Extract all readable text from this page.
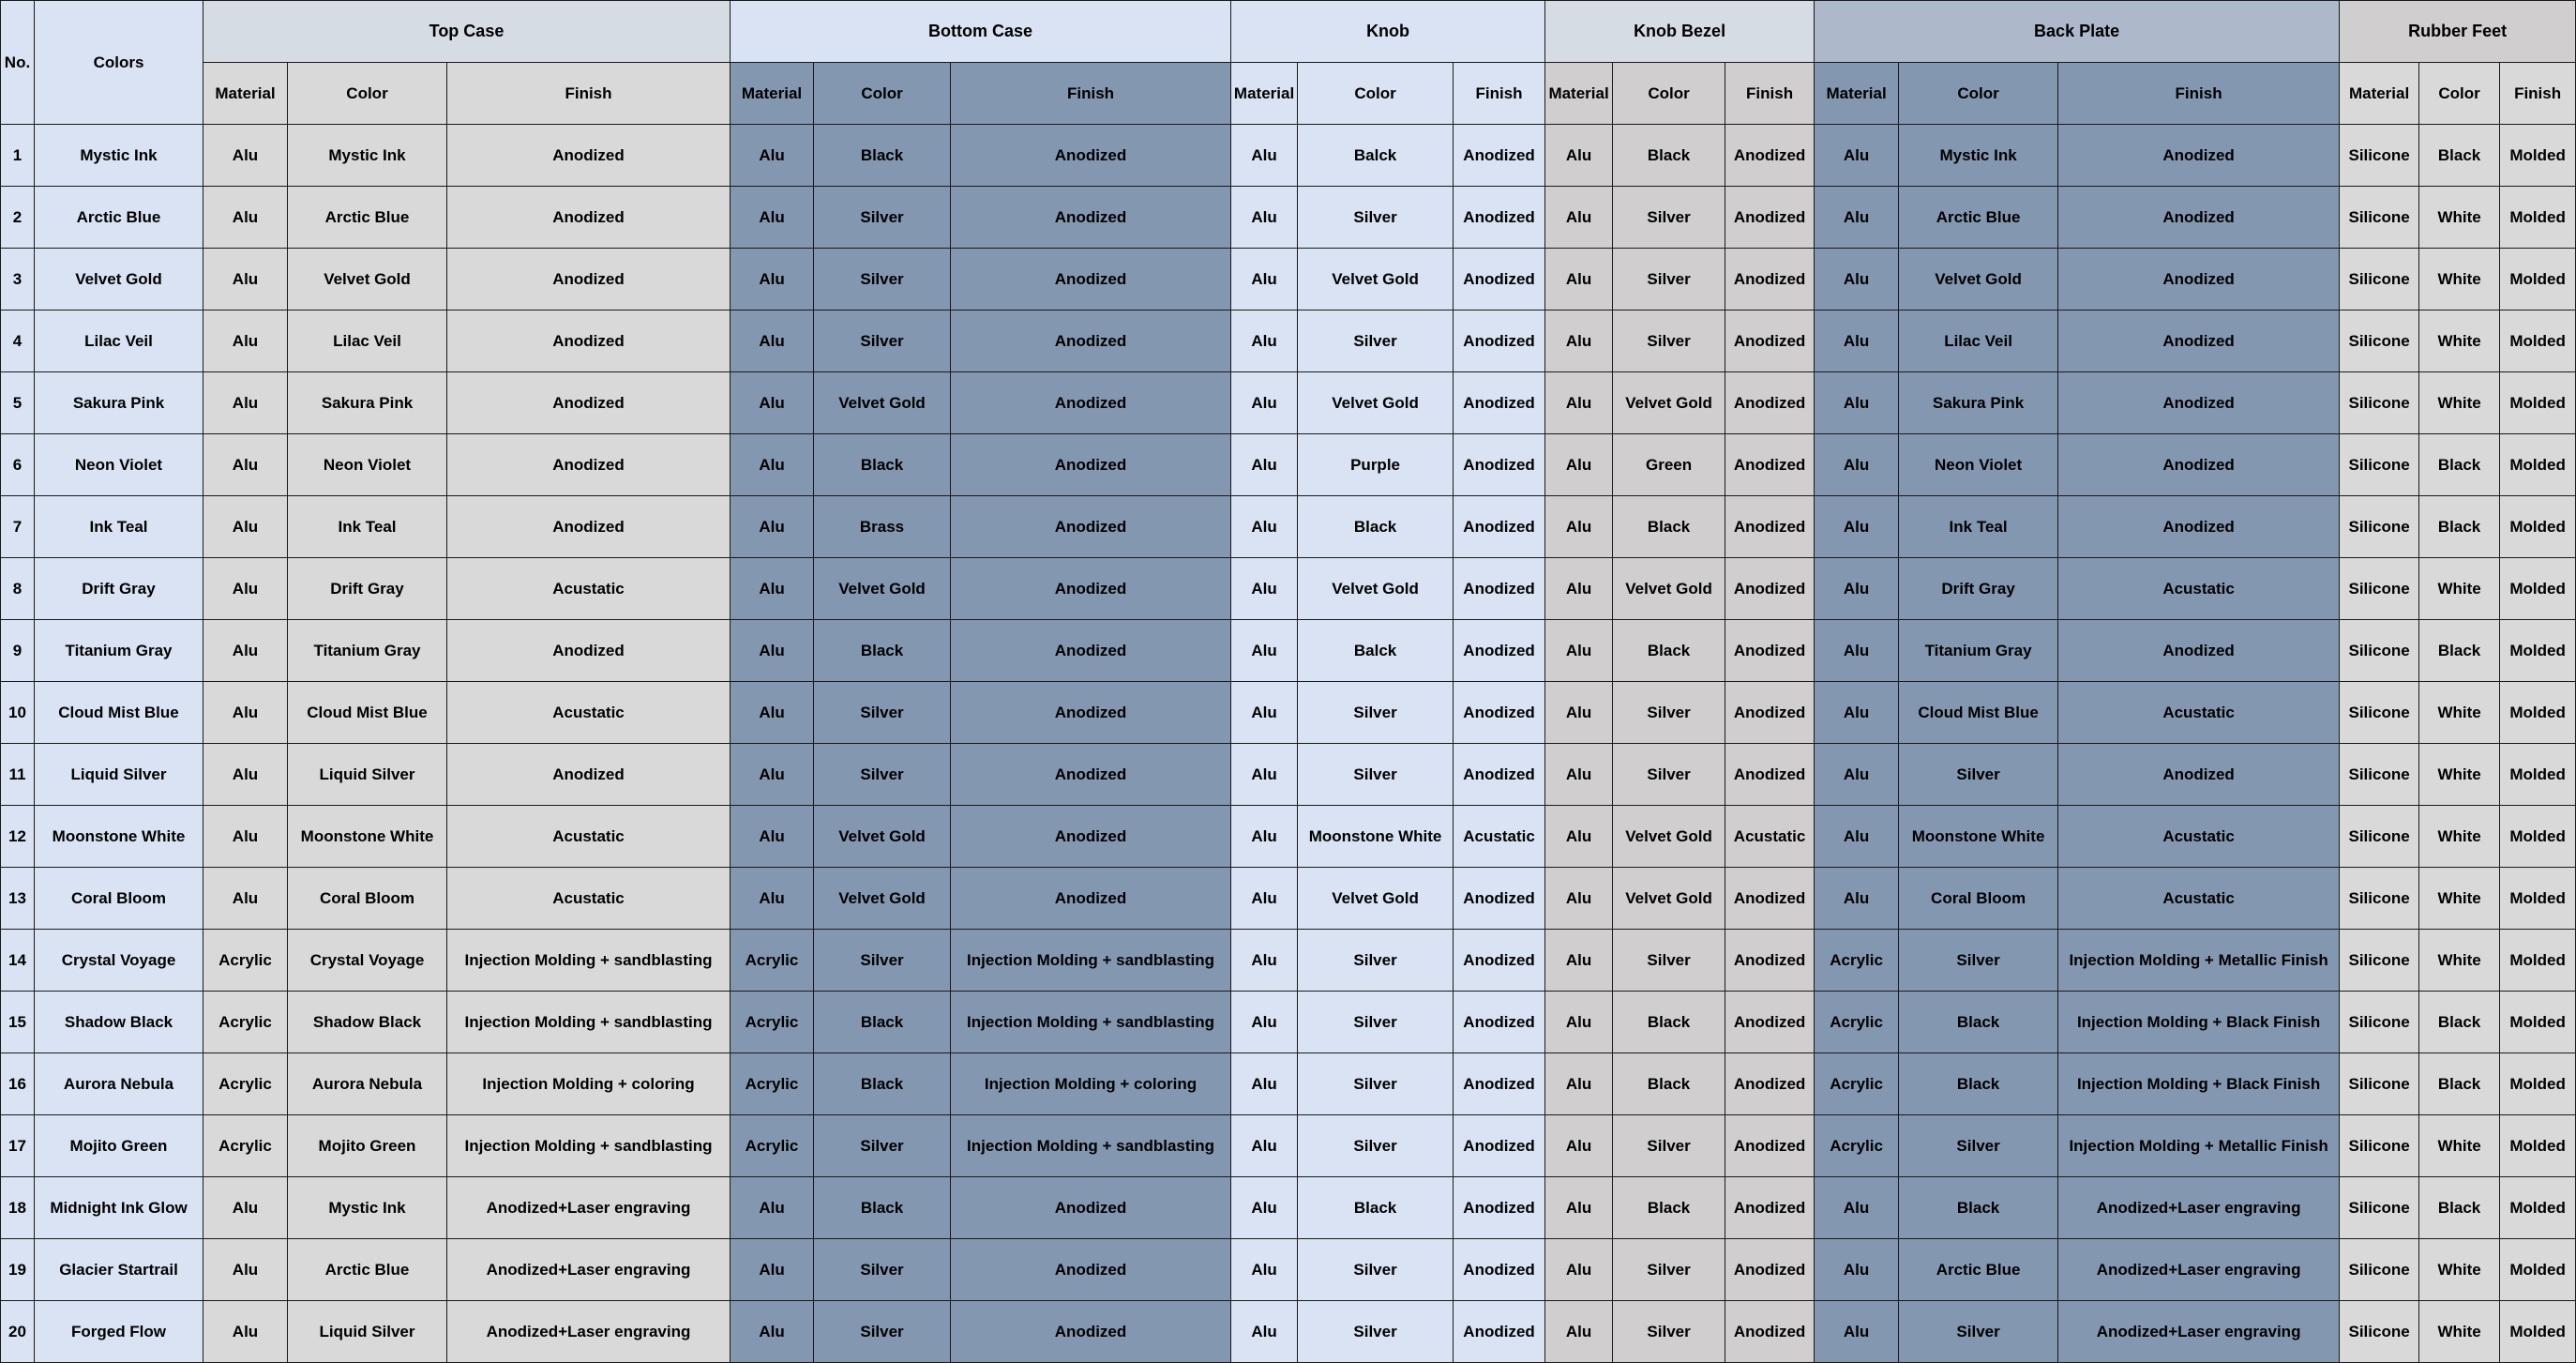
No.	Colors	Top Case			Bottom Case			Knob			Knob Bezel			Back Plate			Rubber Feet		
		Material	Color	Finish	Material	Color	Finish	Material	Color	Finish	Material	Color	Finish	Material	Color	Finish	Material	Color	Finish
1	Mystic Ink	Alu	Mystic Ink	Anodized	Alu	Black	Anodized	Alu	Balck	Anodized	Alu	Black	Anodized	Alu	Mystic Ink	Anodized	Silicone	Black	Molded
2	Arctic Blue	Alu	Arctic Blue	Anodized	Alu	Silver	Anodized	Alu	Silver	Anodized	Alu	Silver	Anodized	Alu	Arctic Blue	Anodized	Silicone	White	Molded
3	Velvet Gold	Alu	Velvet Gold	Anodized	Alu	Silver	Anodized	Alu	Velvet Gold	Anodized	Alu	Silver	Anodized	Alu	Velvet Gold	Anodized	Silicone	White	Molded
4	Lilac Veil	Alu	Lilac Veil	Anodized	Alu	Silver	Anodized	Alu	Silver	Anodized	Alu	Silver	Anodized	Alu	Lilac Veil	Anodized	Silicone	White	Molded
5	Sakura Pink	Alu	Sakura Pink	Anodized	Alu	Velvet Gold	Anodized	Alu	Velvet Gold	Anodized	Alu	Velvet Gold	Anodized	Alu	Sakura Pink	Anodized	Silicone	White	Molded
6	Neon Violet	Alu	Neon Violet	Anodized	Alu	Black	Anodized	Alu	Purple	Anodized	Alu	Green	Anodized	Alu	Neon Violet	Anodized	Silicone	Black	Molded
7	Ink Teal	Alu	Ink Teal	Anodized	Alu	Brass	Anodized	Alu	Black	Anodized	Alu	Black	Anodized	Alu	Ink Teal	Anodized	Silicone	Black	Molded
8	Drift Gray	Alu	Drift Gray	Acustatic	Alu	Velvet Gold	Anodized	Alu	Velvet Gold	Anodized	Alu	Velvet Gold	Anodized	Alu	Drift Gray	Acustatic	Silicone	White	Molded
9	Titanium Gray	Alu	Titanium Gray	Anodized	Alu	Black	Anodized	Alu	Balck	Anodized	Alu	Black	Anodized	Alu	Titanium Gray	Anodized	Silicone	Black	Molded
10	Cloud Mist Blue	Alu	Cloud Mist Blue	Acustatic	Alu	Silver	Anodized	Alu	Silver	Anodized	Alu	Silver	Anodized	Alu	Cloud Mist Blue	Acustatic	Silicone	White	Molded
11	Liquid Silver	Alu	Liquid Silver	Anodized	Alu	Silver	Anodized	Alu	Silver	Anodized	Alu	Silver	Anodized	Alu	Silver	Anodized	Silicone	White	Molded
12	Moonstone White	Alu	Moonstone White	Acustatic	Alu	Velvet Gold	Anodized	Alu	Moonstone White	Acustatic	Alu	Velvet Gold	Acustatic	Alu	Moonstone White	Acustatic	Silicone	White	Molded
13	Coral Bloom	Alu	Coral Bloom	Acustatic	Alu	Velvet Gold	Anodized	Alu	Velvet Gold	Anodized	Alu	Velvet Gold	Anodized	Alu	Coral Bloom	Acustatic	Silicone	White	Molded
14	Crystal Voyage	Acrylic	Crystal Voyage	Injection Molding + sandblasting	Acrylic	Silver	Injection Molding + sandblasting	Alu	Silver	Anodized	Alu	Silver	Anodized	Acrylic	Silver	Injection Molding + Metallic Finish	Silicone	White	Molded
15	Shadow Black	Acrylic	Shadow Black	Injection Molding + sandblasting	Acrylic	Black	Injection Molding + sandblasting	Alu	Silver	Anodized	Alu	Black	Anodized	Acrylic	Black	Injection Molding + Black Finish	Silicone	Black	Molded
16	Aurora Nebula	Acrylic	Aurora Nebula	Injection Molding + coloring	Acrylic	Black	Injection Molding + coloring	Alu	Silver	Anodized	Alu	Black	Anodized	Acrylic	Black	Injection Molding + Black Finish	Silicone	Black	Molded
17	Mojito Green	Acrylic	Mojito Green	Injection Molding + sandblasting	Acrylic	Silver	Injection Molding + sandblasting	Alu	Silver	Anodized	Alu	Silver	Anodized	Acrylic	Silver	Injection Molding + Metallic Finish	Silicone	White	Molded
18	Midnight Ink Glow	Alu	Mystic Ink	Anodized+Laser engraving	Alu	Black	Anodized	Alu	Black	Anodized	Alu	Black	Anodized	Alu	Black	Anodized+Laser engraving	Silicone	Black	Molded
19	Glacier Startrail	Alu	Arctic Blue	Anodized+Laser engraving	Alu	Silver	Anodized	Alu	Silver	Anodized	Alu	Silver	Anodized	Alu	Arctic Blue	Anodized+Laser engraving	Silicone	White	Molded
20	Forged Flow	Alu	Liquid Silver	Anodized+Laser engraving	Alu	Silver	Anodized	Alu	Silver	Anodized	Alu	Silver	Anodized	Alu	Silver	Anodized+Laser engraving	Silicone	White	Molded
